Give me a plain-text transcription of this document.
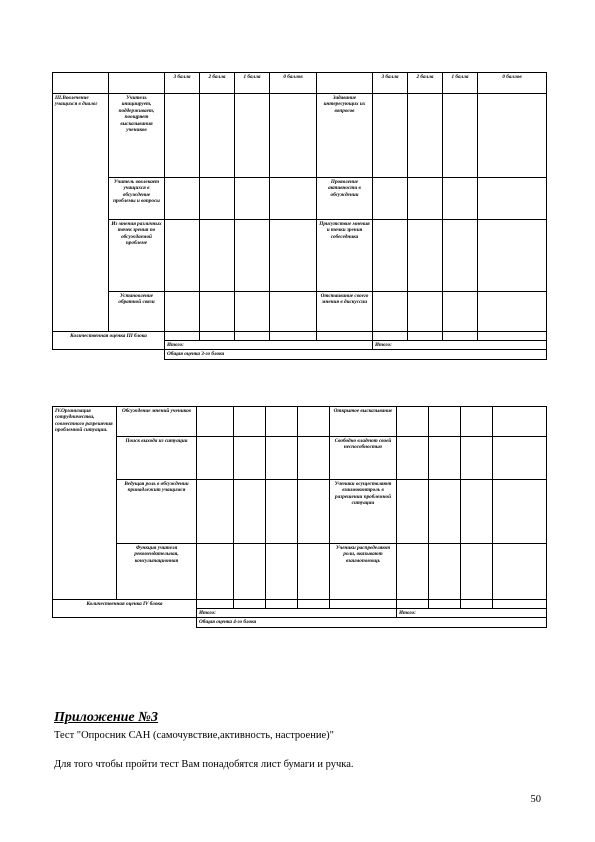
		3 балла	2 балла	1 балла	0 баллов		3 балла	2 балла	1 балла	0 баллов
III.Вовлечение учащихся в диалог	Учитель инициирует, поддерживает, поощряет высказывания учеников					Задавание интересующих их вопросов				
	Учитель вовлекает учащихся в обсуждение проблемы и вопросы					Проявление активности в обсуждении				
	Из мнения различных точек зрения по обсуждаемой проблеме					Присутствие мнения и точки зрения собеседника				
	Установление обратной связи					Отстаивание своего мнения в дискуссии				
Количественная оценка III блока										
		Итого:					Итого:			
		Общая оценка 3-го блока								
IV.Организация сотрудничества, совместного разрешения проблемной ситуации.	Обсуждение мнений учеников					Открытое высказывание				
	Поиск выхода из ситуации					Свободно владеют своей неспособностью				
	Ведущая роль в обсуждении принадлежит учащимся					Ученики осуществляют взаимоконтроль в разрешении проблемной ситуации				
	Функция учителя рекомендательная, консультационная					Ученики распределяют роли, оказывают взаимопомощь				
Количественная оценка IV блока										
		Итого:					Итого:			
		Общая оценка 4-го блока								
Приложение №3
Тест "Опросник САН (самочувствие,активность, настроение)"
Для того чтобы пройти тест Вам понадобятся лист бумаги и ручка.
50
